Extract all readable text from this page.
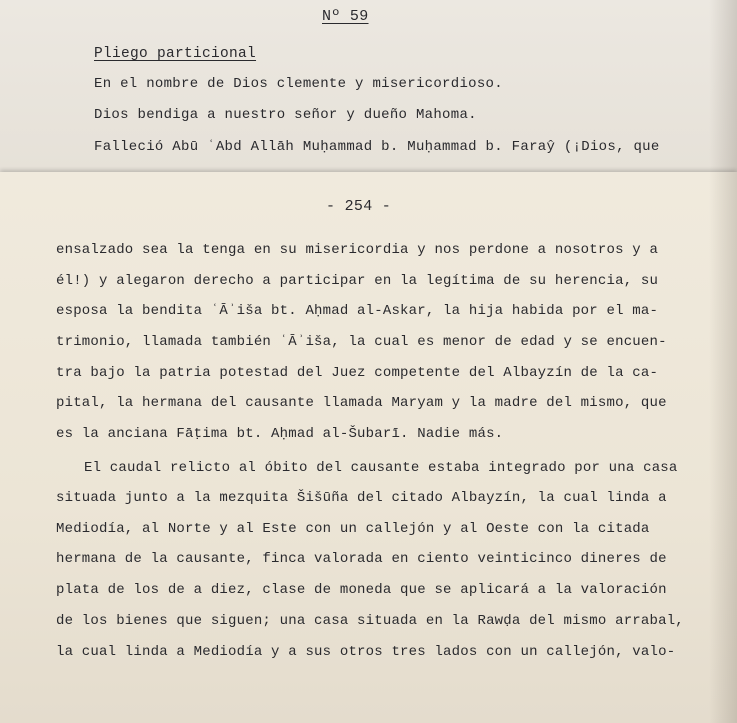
Nº 59
Pliego particional
En el nombre de Dios clemente y misericordioso.
Dios bendiga a nuestro señor y dueño Mahoma.
Falleció Abū ʿAbd Allāh Muḥammad b. Muḥammad b. Faraŷ (¡Dios, que
- 254 -
ensalzado sea la tenga en su misericordia y nos perdone a nosotros y a
él!) y alegaron derecho a participar en la legítima de su herencia, su
esposa la bendita ʿĀʾiša bt. Aḥmad al-Askar, la hija habida por el ma-
trimonio, llamada también ʿĀʾiša, la cual es menor de edad y se encuen-
tra bajo la patria potestad del Juez competente del Albayzín de la ca-
pital, la hermana del causante llamada Maryam y la madre del mismo, que
es la anciana Fāṭima bt. Aḥmad al-Šubarī. Nadie más.
El caudal relicto al óbito del causante estaba integrado por una casa
situada junto a la mezquita Šišūña del citado Albayzín, la cual linda a
Mediodía, al Norte y al Este con un callejón y al Oeste con la citada
hermana de la causante, finca valorada en ciento veinticinco dineres de
plata de los de a diez, clase de moneda que se aplicará a la valoración
de los bienes que siguen; una casa situada en la Rawḍa del mismo arrabal,
la cual linda a Mediodía y a sus otros tres lados con un callejón, valo-
